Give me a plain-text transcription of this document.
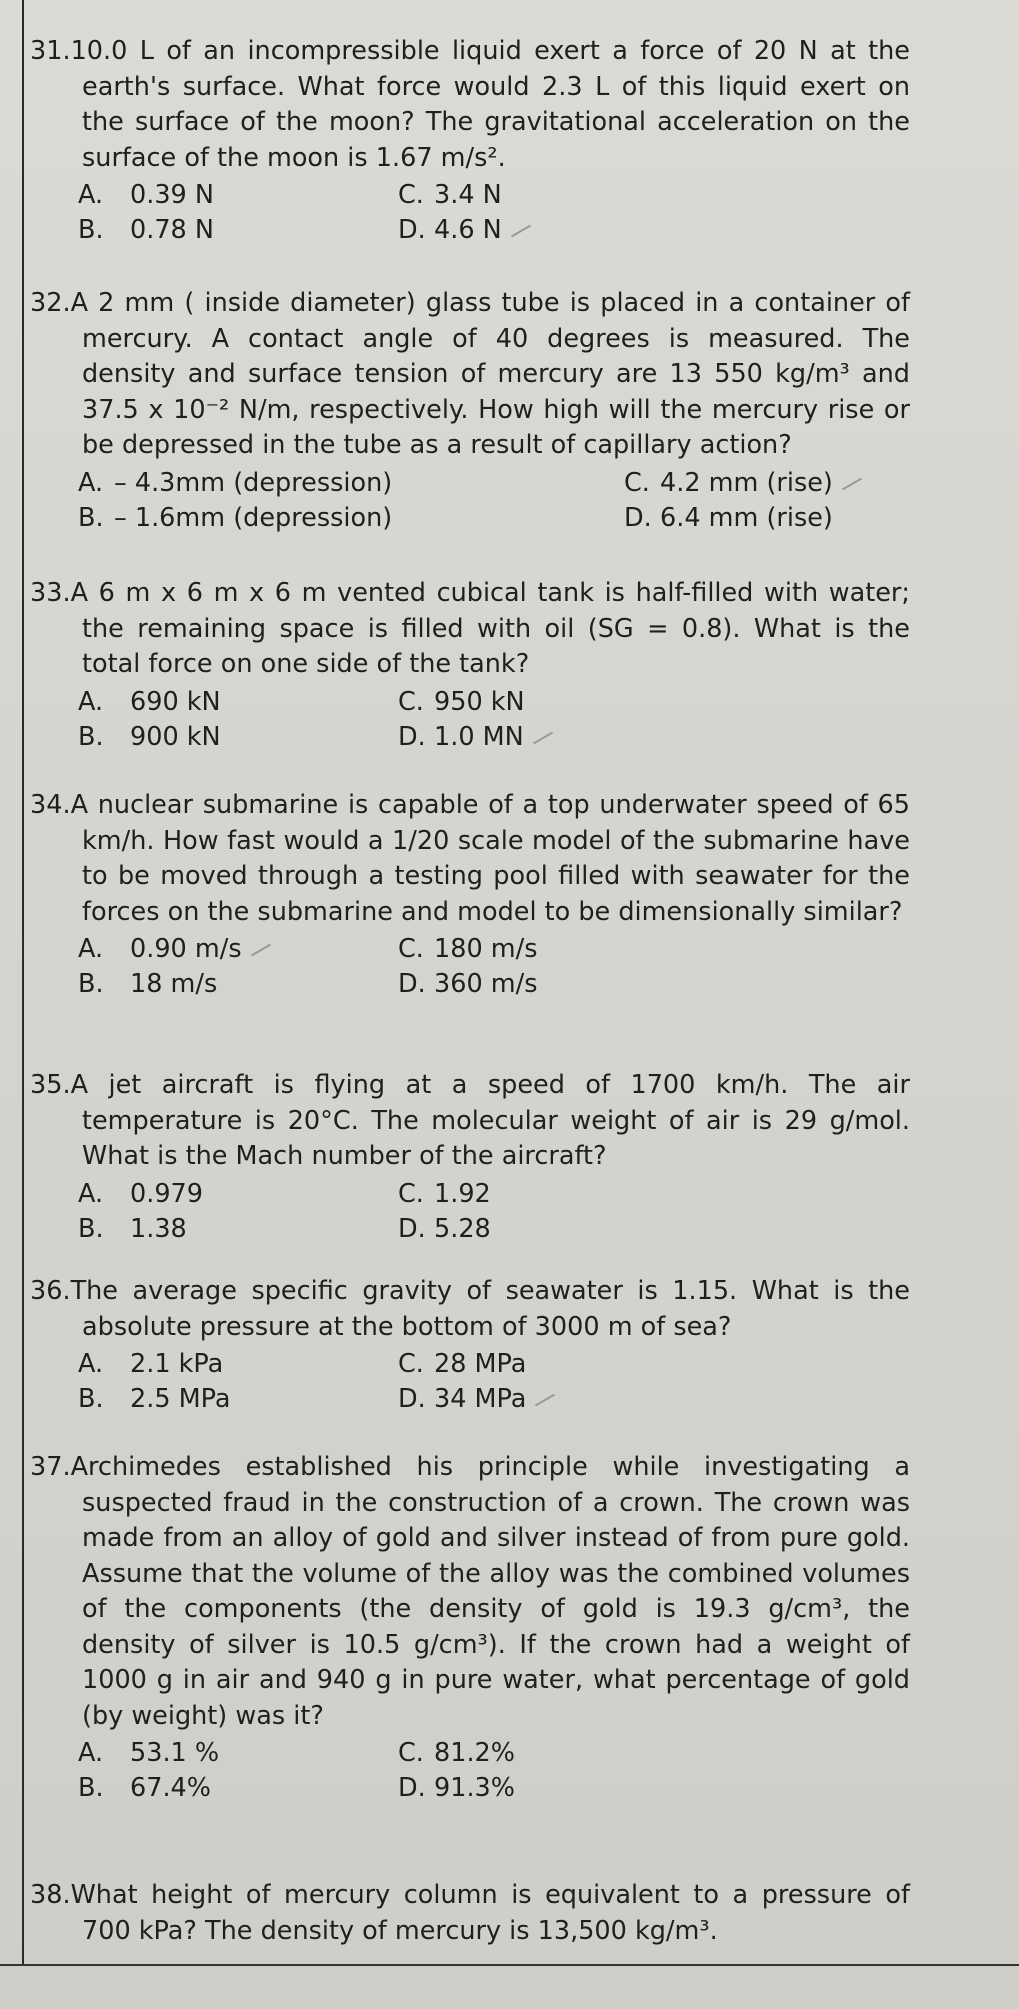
31.10.0 L of an incompressible liquid exert a force of 20 N at the earth's surface. What force would 2.3 L of this liquid exert on the surface of the moon? The gravitational acceleration on the surface of the moon is 1.67 m/s².

A. 0.39 N
B. 0.78 N
C. 3.4 N
D. 4.6 N

32.A 2 mm ( inside diameter) glass tube is placed in a container of mercury. A contact angle of 40 degrees is measured. The density and surface tension of mercury are 13 550 kg/m³ and 37.5 x 10⁻² N/m, respectively. How high will the mercury rise or be depressed in the tube as a result of capillary action?

A. – 4.3mm (depression)
B. – 1.6mm (depression)
C. 4.2 mm (rise)
D. 6.4 mm (rise)

33.A 6 m x 6 m x 6 m vented cubical tank is half-filled with water; the remaining space is filled with oil (SG = 0.8). What is the total force on one side of the tank?

A. 690 kN
B. 900 kN
C. 950 kN
D. 1.0 MN

34.A nuclear submarine is capable of a top underwater speed of 65 km/h. How fast would a 1/20 scale model of the submarine have to be moved through a testing pool filled with seawater for the forces on the submarine and model to be dimensionally similar?

A. 0.90 m/s
B. 18 m/s
C. 180 m/s
D. 360 m/s

35.A jet aircraft is flying at a speed of 1700 km/h. The air temperature is 20°C. The molecular weight of air is 29 g/mol. What is the Mach number of the aircraft?

A. 0.979
B. 1.38
C. 1.92
D. 5.28

36.The average specific gravity of seawater is 1.15. What is the absolute pressure at the bottom of 3000 m of sea?

A. 2.1 kPa
B. 2.5 MPa
C. 28 MPa
D. 34 MPa

37.Archimedes established his principle while investigating a suspected fraud in the construction of a crown. The crown was made from an alloy of gold and silver instead of from pure gold. Assume that the volume of the alloy was the combined volumes of the components (the density of gold is 19.3 g/cm³, the density of silver is 10.5 g/cm³). If the crown had a weight of 1000 g in air and 940 g in pure water, what percentage of gold (by weight) was it?

A. 53.1 %
B. 67.4%
C. 81.2%
D. 91.3%

38.What height of mercury column is equivalent to a pressure of 700 kPa? The density of mercury is 13,500 kg/m³.
